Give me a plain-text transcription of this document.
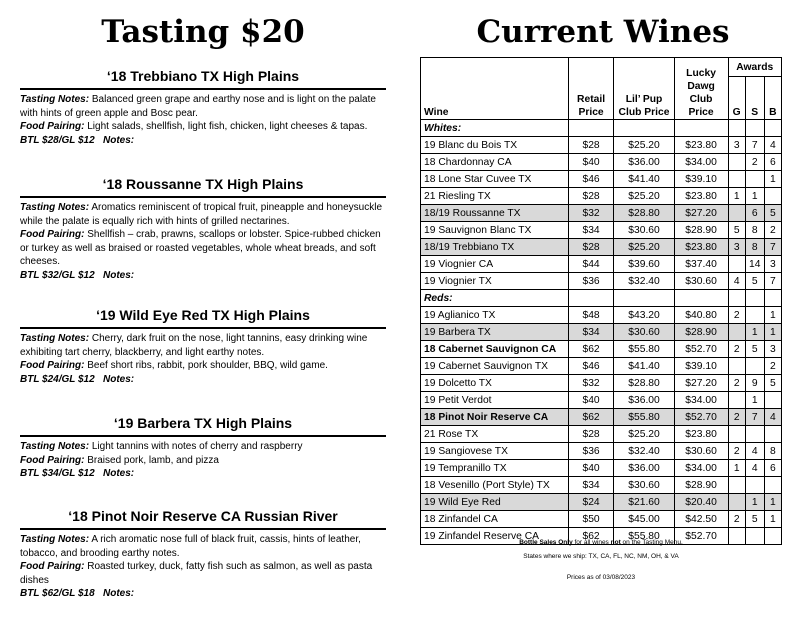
Tasting $20
‘18 Trebbiano TX High Plains
Tasting Notes: Balanced green grape and earthy nose and is light on the palate with hints of green apple and Bosc pear.
Food Pairing: Light salads, shellfish, light fish, chicken, light cheeses & tapas.
BTL $28/GL $12 Notes:
‘18 Roussanne TX High Plains
Tasting Notes: Aromatics reminiscent of tropical fruit, pineapple and honeysuckle while the palate is equally rich with hints of grilled nectarines.
Food Pairing: Shellfish – crab, prawns, scallops or lobster. Spice-rubbed chicken or turkey as well as braised or roasted vegetables, whole wheat breads, and soft cheeses.
BTL $32/GL $12 Notes:
‘19 Wild Eye Red TX High Plains
Tasting Notes: Cherry, dark fruit on the nose, light tannins, easy drinking wine exhibiting tart cherry, blackberry, and light earthy notes.
Food Pairing: Beef short ribs, rabbit, pork shoulder, BBQ, wild game.
BTL $24/GL $12 Notes:
‘19 Barbera TX High Plains
Tasting Notes: Light tannins with notes of cherry and raspberry
Food Pairing: Braised pork, lamb, and pizza
BTL $34/GL $12 Notes:
‘18 Pinot Noir Reserve CA Russian River
Tasting Notes: A rich aromatic nose full of black fruit, cassis, hints of leather, tobacco, and brooding earthy notes.
Food Pairing: Roasted turkey, duck, fatty fish such as salmon, as well as pasta dishes
BTL $62/GL $18 Notes:
Current Wines
Wine	Retail Price	Lil’ Pup Club Price	Lucky Dawg Club Price	Awards		
				G	S	B
Whites:						
19 Blanc du Bois TX	$28	$25.20	$23.80	3	7	4
18 Chardonnay CA	$40	$36.00	$34.00		2	6
18 Lone Star Cuvee TX	$46	$41.40	$39.10			1
21 Riesling TX	$28	$25.20	$23.80	1	1	
18/19 Roussanne TX	$32	$28.80	$27.20		6	5
19 Sauvignon Blanc TX	$34	$30.60	$28.90	5	8	2
18/19 Trebbiano TX	$28	$25.20	$23.80	3	8	7
19 Viognier CA	$44	$39.60	$37.40		14	3
19 Viognier TX	$36	$32.40	$30.60	4	5	7
Reds:						
19 Aglianico TX	$48	$43.20	$40.80	2		1
19 Barbera TX	$34	$30.60	$28.90		1	1
18 Cabernet Sauvignon CA	$62	$55.80	$52.70	2	5	3
19 Cabernet Sauvignon TX	$46	$41.40	$39.10			2
19 Dolcetto TX	$32	$28.80	$27.20	2	9	5
19 Petit Verdot	$40	$36.00	$34.00		1	
18 Pinot Noir Reserve CA	$62	$55.80	$52.70	2	7	4
21 Rose TX	$28	$25.20	$23.80			
19 Sangiovese TX	$36	$32.40	$30.60	2	4	8
19 Tempranillo TX	$40	$36.00	$34.00	1	4	6
18 Vesenillo (Port Style) TX	$34	$30.60	$28.90			
19 Wild Eye Red	$24	$21.60	$20.40		1	1
18 Zinfandel CA	$50	$45.00	$42.50	2	5	1
19 Zinfandel Reserve CA	$62	$55.80	$52.70			
Bottle Sales Only for all wines not on the Tasting Menu.
States where we ship: TX, CA, FL, NC, NM, OH, & VA
Prices as of 03/08/2023
